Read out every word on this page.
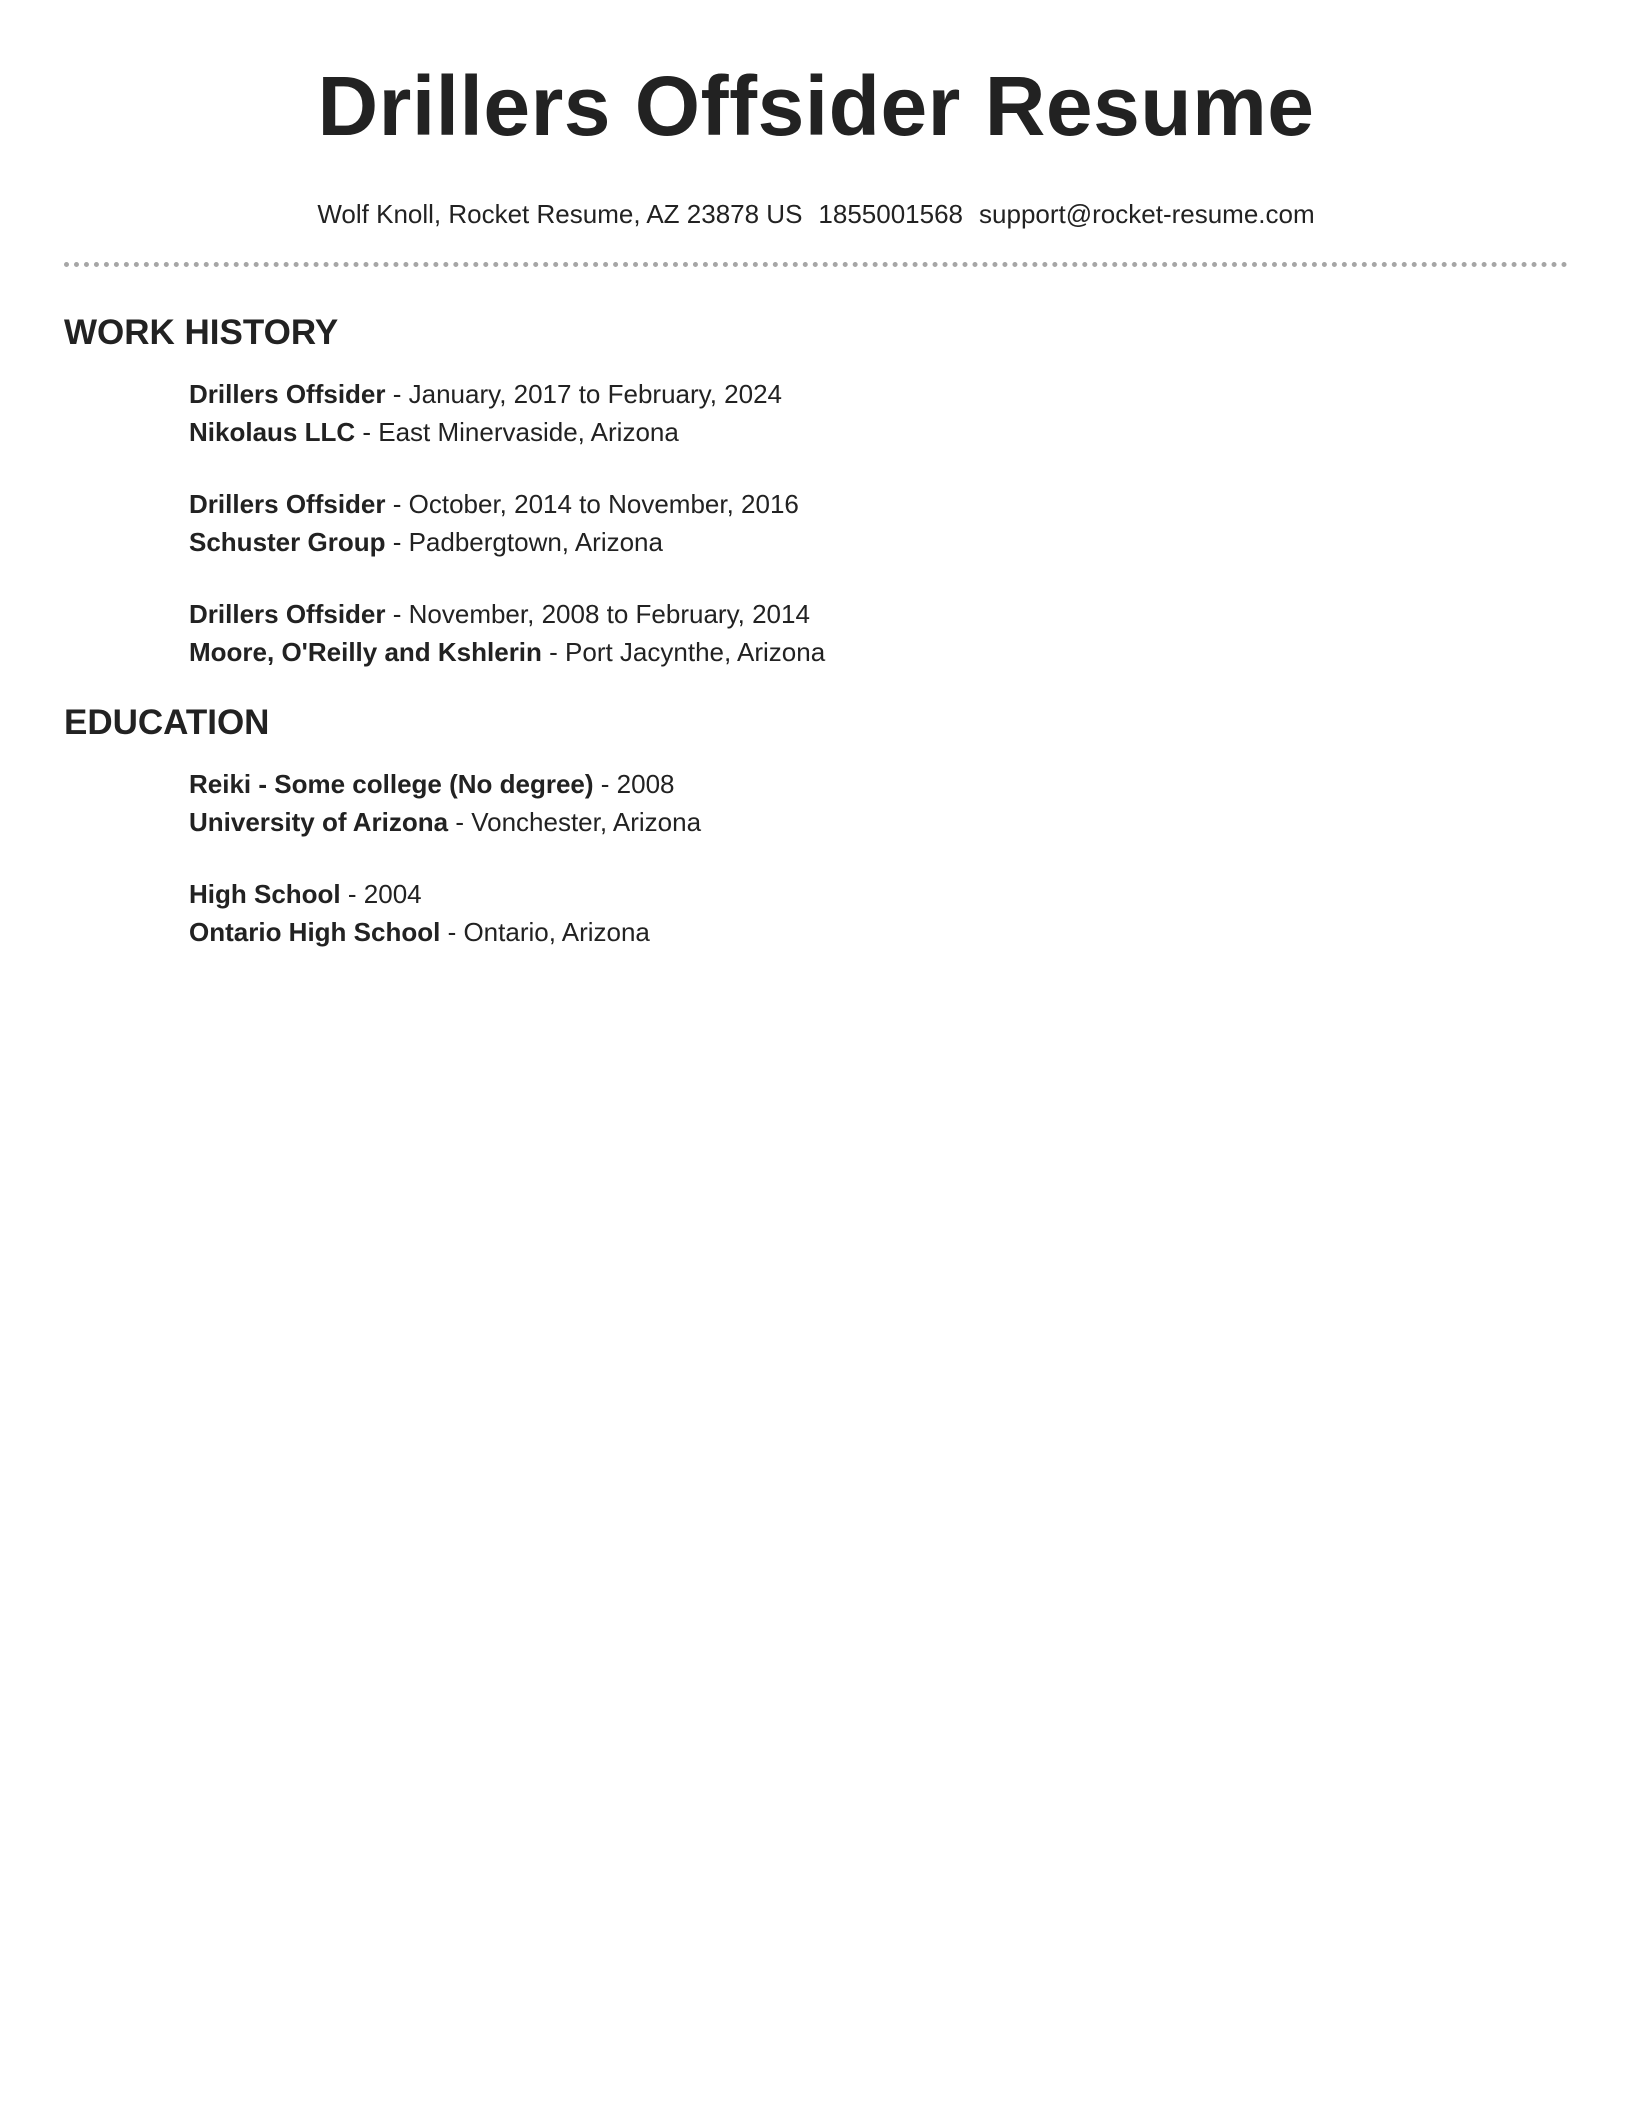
Drillers Offsider Resume
Wolf Knoll, Rocket Resume, AZ 23878 US 1855001568 support@rocket-resume.com
WORK HISTORY
Drillers Offsider - January, 2017 to February, 2024
Nikolaus LLC - East Minervaside, Arizona
Drillers Offsider - October, 2014 to November, 2016
Schuster Group - Padbergtown, Arizona
Drillers Offsider - November, 2008 to February, 2014
Moore, O'Reilly and Kshlerin - Port Jacynthe, Arizona
EDUCATION
Reiki - Some college (No degree) - 2008
University of Arizona - Vonchester, Arizona
High School - 2004
Ontario High School - Ontario, Arizona
